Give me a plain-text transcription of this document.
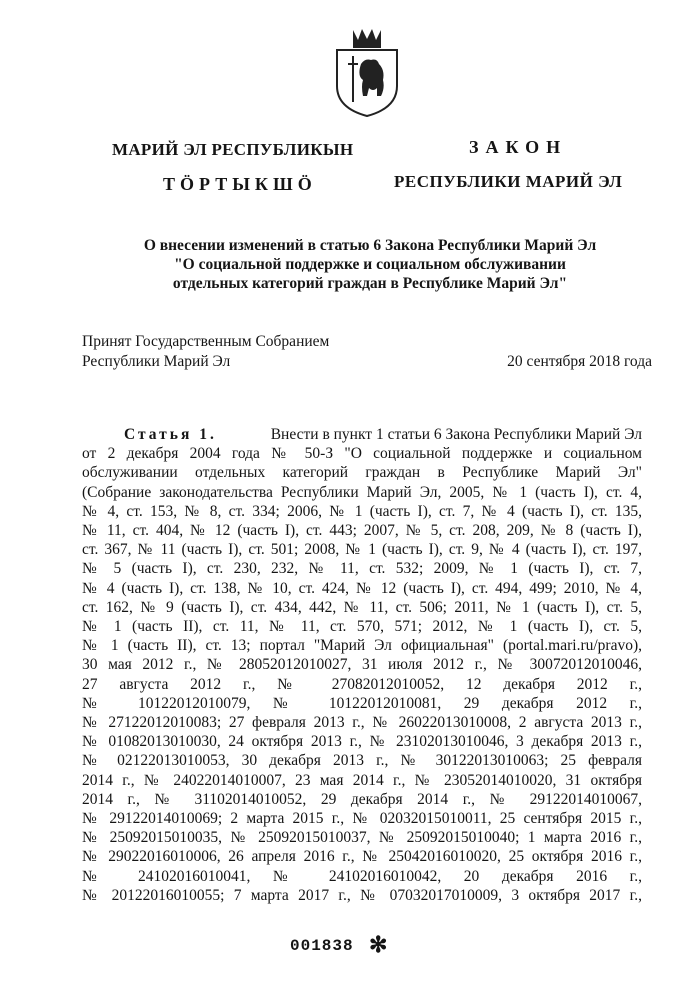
МАРИЙ ЭЛ РЕСПУБЛИКЫН
ТӦРТЫКШӦ
ЗАКОН
РЕСПУБЛИКИ МАРИЙ ЭЛ
О внесении изменений в статью 6 Закона Республики Марий Эл
"О социальной поддержке и социальном обслуживании
отдельных категорий граждан в Республике Марий Эл"
Принят Государственным Собранием
Республики Марий Эл	20 сентября 2018 года
Статья 1.	Внести в пункт 1 статьи 6 Закона Республики Марий Эл
от 2 декабря 2004 года № 50-З "О социальной поддержке и социальном
обслуживании отдельных категорий граждан в Республике Марий Эл"
(Собрание законодательства Республики Марий Эл, 2005, № 1 (часть I), ст. 4,
№ 4, ст. 153, № 8, ст. 334; 2006, № 1 (часть I), ст. 7, № 4 (часть I), ст. 135,
№ 11, ст. 404, № 12 (часть I), ст. 443; 2007, № 5, ст. 208, 209, № 8 (часть I),
ст. 367, № 11 (часть I), ст. 501; 2008, № 1 (часть I), ст. 9, № 4 (часть I), ст. 197,
№ 5 (часть I), ст. 230, 232, № 11, ст. 532; 2009, № 1 (часть I), ст. 7,
№ 4 (часть I), ст. 138, № 10, ст. 424, № 12 (часть I), ст. 494, 499; 2010, № 4,
ст. 162, № 9 (часть I), ст. 434, 442, № 11, ст. 506; 2011, № 1 (часть I), ст. 5,
№ 1 (часть II), ст. 11, № 11, ст. 570, 571; 2012, № 1 (часть I), ст. 5,
№ 1 (часть II), ст. 13; портал "Марий Эл официальная" (portal.mari.ru/pravo),
30 мая 2012 г., № 28052012010027, 31 июля 2012 г., № 30072012010046,
27 августа 2012 г., № 27082012010052, 12 декабря 2012 г.,
№ 10122012010079, № 10122012010081, 29 декабря 2012 г.,
№ 27122012010083; 27 февраля 2013 г., № 26022013010008, 2 августа 2013 г.,
№ 01082013010030, 24 октября 2013 г., № 23102013010046, 3 декабря 2013 г.,
№ 02122013010053, 30 декабря 2013 г., № 30122013010063; 25 февраля
2014 г., № 24022014010007, 23 мая 2014 г., № 23052014010020, 31 октября
2014 г., № 31102014010052, 29 декабря 2014 г., № 29122014010067,
№ 29122014010069; 2 марта 2015 г., № 02032015010011, 25 сентября 2015 г.,
№ 25092015010035, № 25092015010037, № 25092015010040; 1 марта 2016 г.,
№ 29022016010006, 26 апреля 2016 г., № 25042016010020, 25 октября 2016 г.,
№ 24102016010041, № 24102016010042, 20 декабря 2016 г.,
№ 20122016010055; 7 марта 2017 г., № 07032017010009, 3 октября 2017 г.,
001838 ✻
